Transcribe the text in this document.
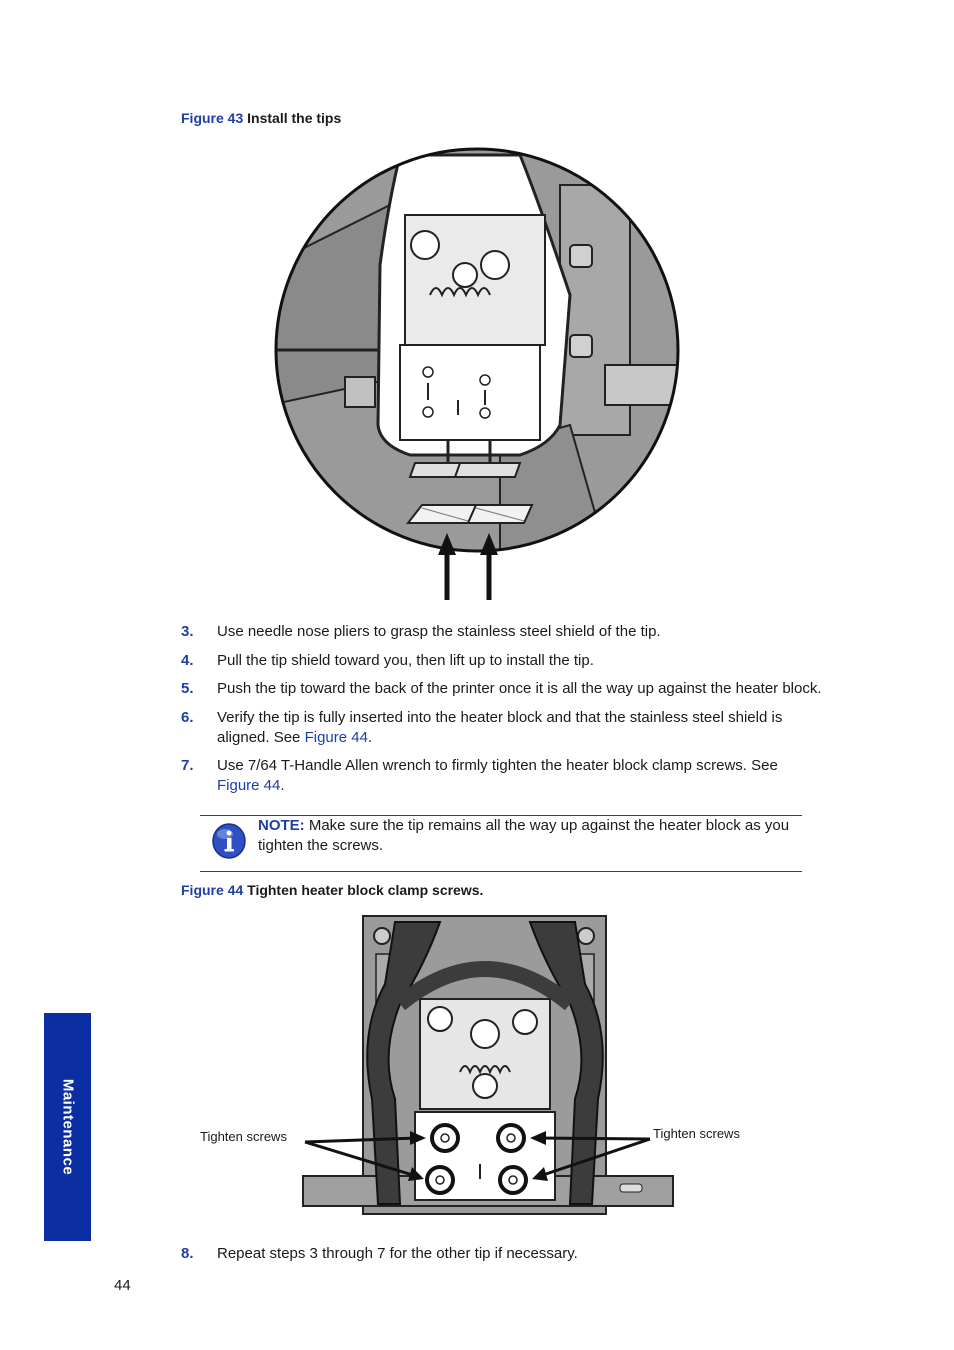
Figure 43 Install the tips
3. Use needle nose pliers to grasp the stainless steel shield of the tip.
4. Pull the tip shield toward you, then lift up to install the tip.
5. Push the tip toward the back of the printer once it is all the way up against the heater block.
6. Verify the tip is fully inserted into the heater block and that the stainless steel shield is aligned. See Figure 44.
7. Use 7/64 T-Handle Allen wrench to firmly tighten the heater block clamp screws. See Figure 44.
NOTE: Make sure the tip remains all the way up against the heater block as you tighten the screws.
Figure 44 Tighten heater block clamp screws.
Tighten screws	Tighten screws
8. Repeat steps 3 through 7 for the other tip if necessary.
Maintenance
44
